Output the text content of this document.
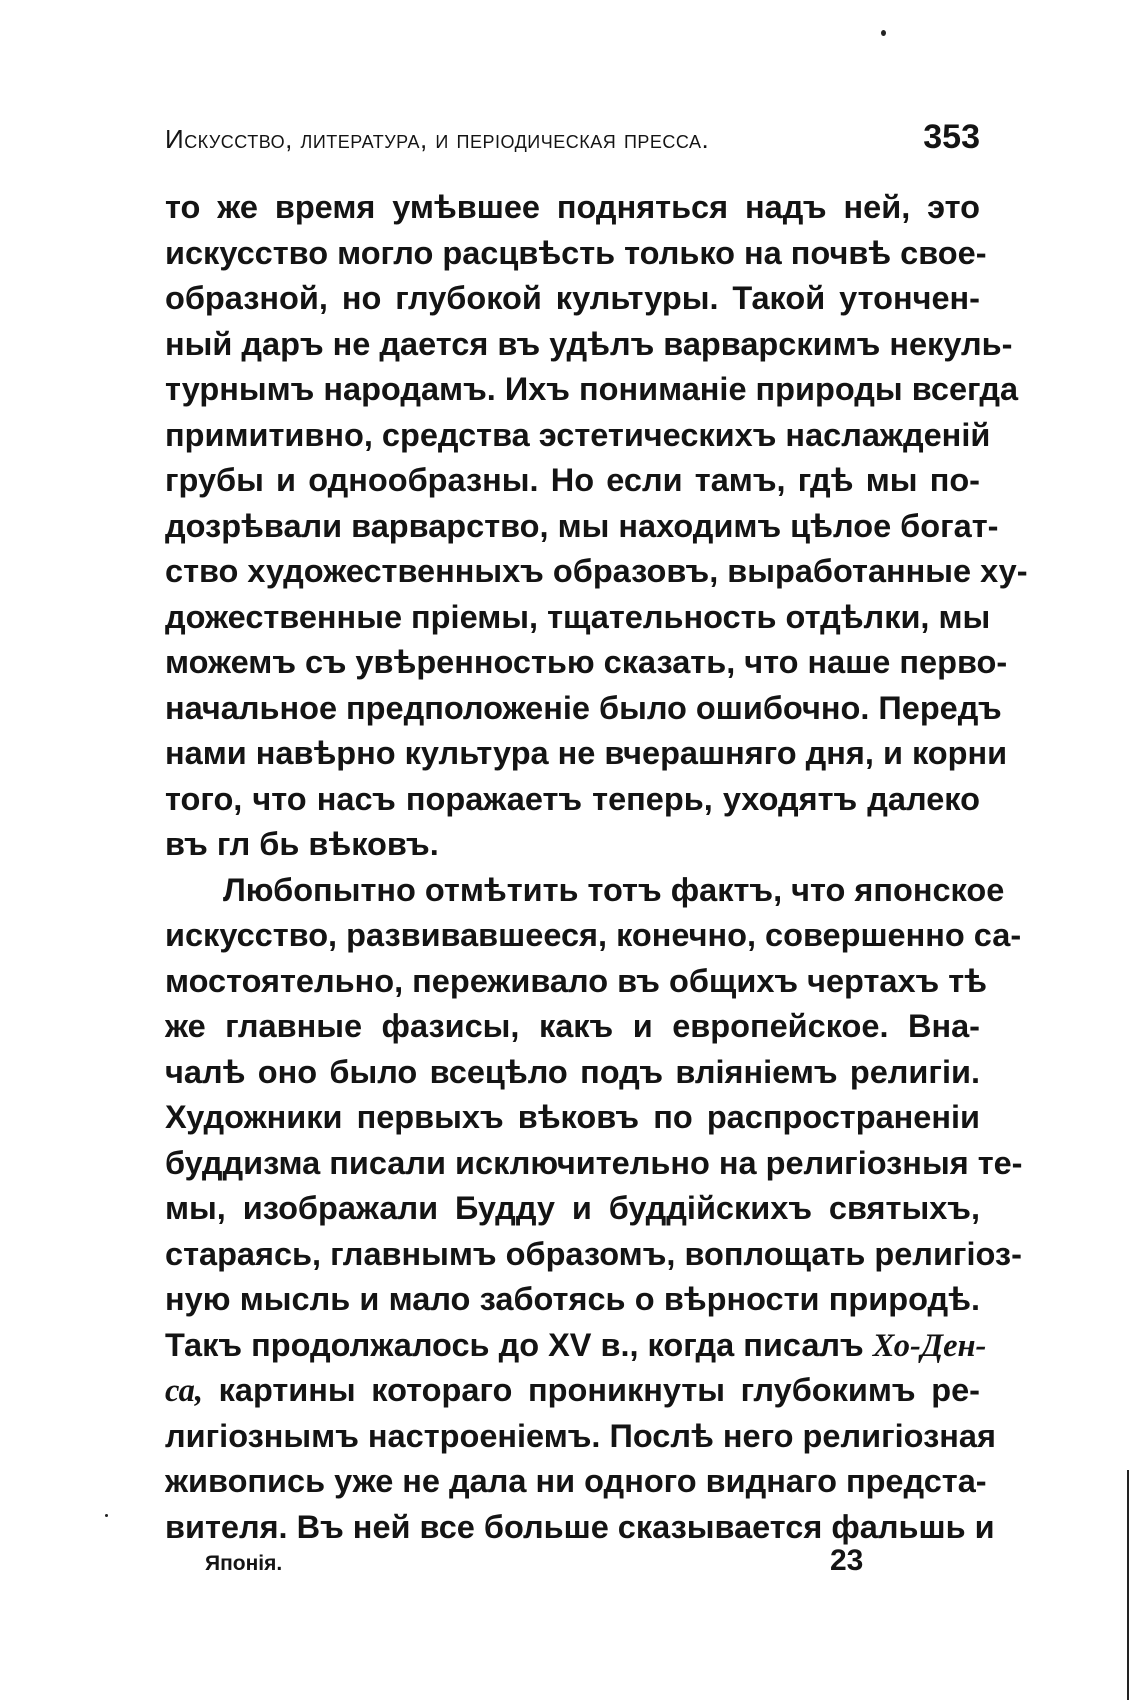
Искусство, литература, и періодическая пресса.	353
то же время умѣвшее подняться надъ ней, это
искусство могло расцвѣсть только на почвѣ свое-
образной, но глубокой культуры. Такой утончен-
ный даръ не дается въ удѣлъ варварскимъ некуль-
турнымъ народамъ. Ихъ пониманіе природы всегда
примитивно, средства эстетическихъ наслажденій
грубы и однообразны. Но если тамъ, гдѣ мы по-
дозрѣвали варварство, мы находимъ цѣлое богат-
ство художественныхъ образовъ, выработанные ху-
дожественные пріемы, тщательность отдѣлки, мы
можемъ съ увѣренностью сказать, что наше перво-
начальное предположеніе было ошибочно. Передъ
нами навѣрно культура не вчерашняго дня, и корни
того, что насъ поражаетъ теперь, уходятъ далеко
въ гл бь вѣковъ.
Любопытно отмѣтить тотъ фактъ, что японское
искусство, развивавшееся, конечно, совершенно са-
мостоятельно, переживало въ общихъ чертахъ тѣ
же главные фазисы, какъ и европейское. Вна-
чалѣ оно было всецѣло подъ вліяніемъ религіи.
Художники первыхъ вѣковъ по распространеніи
буддизма писали исключительно на религіозныя те-
мы, изображали Будду и буддійскихъ святыхъ,
стараясь, главнымъ образомъ, воплощать религіоз-
ную мысль и мало заботясь о вѣрности природѣ.
Такъ продолжалось до XV в., когда писалъ Хо-Ден-
са, картины котораго проникнуты глубокимъ ре-
лигіознымъ настроеніемъ. Послѣ него религіозная
живопись уже не дала ни одного виднаго предста-
вителя. Въ ней все больше сказывается фальшь и
Японія.	23
